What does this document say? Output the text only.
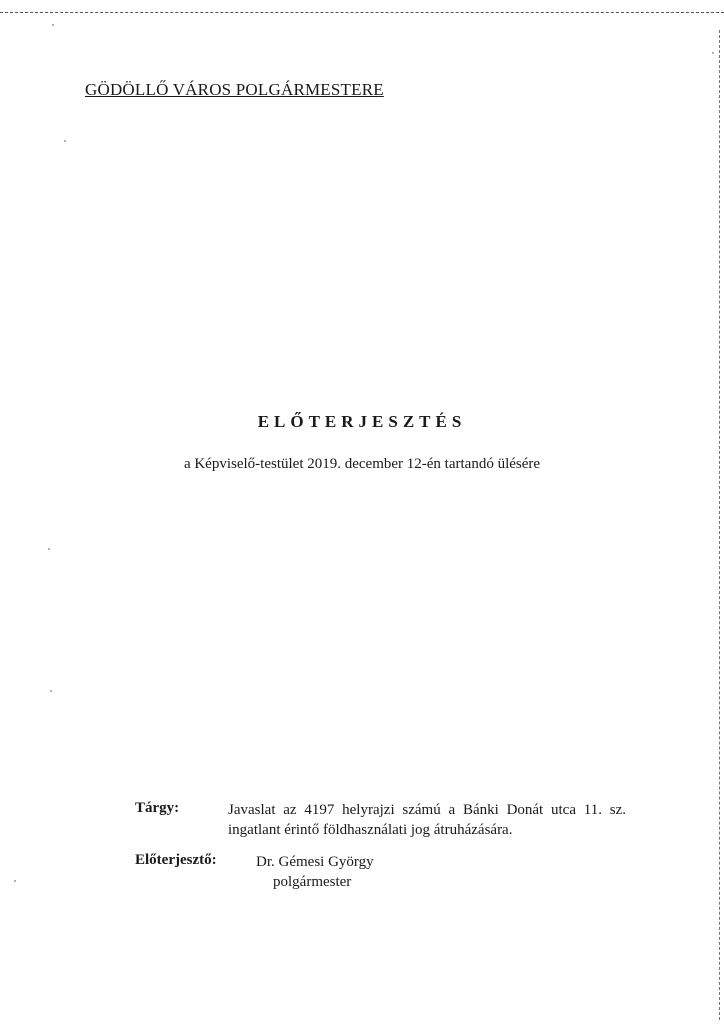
GÖDÖLLŐ VÁROS POLGÁRMESTERE
ELŐTERJESZTÉS
a Képviselő-testület 2019. december 12-én tartandó ülésére
Tárgy:	Javaslat az 4197 helyrajzi számú a Bánki Donát utca 11. sz.
ingatlant érintő földhasználati jog átruházására.
Előterjesztő:	Dr. Gémesi György
polgármester
